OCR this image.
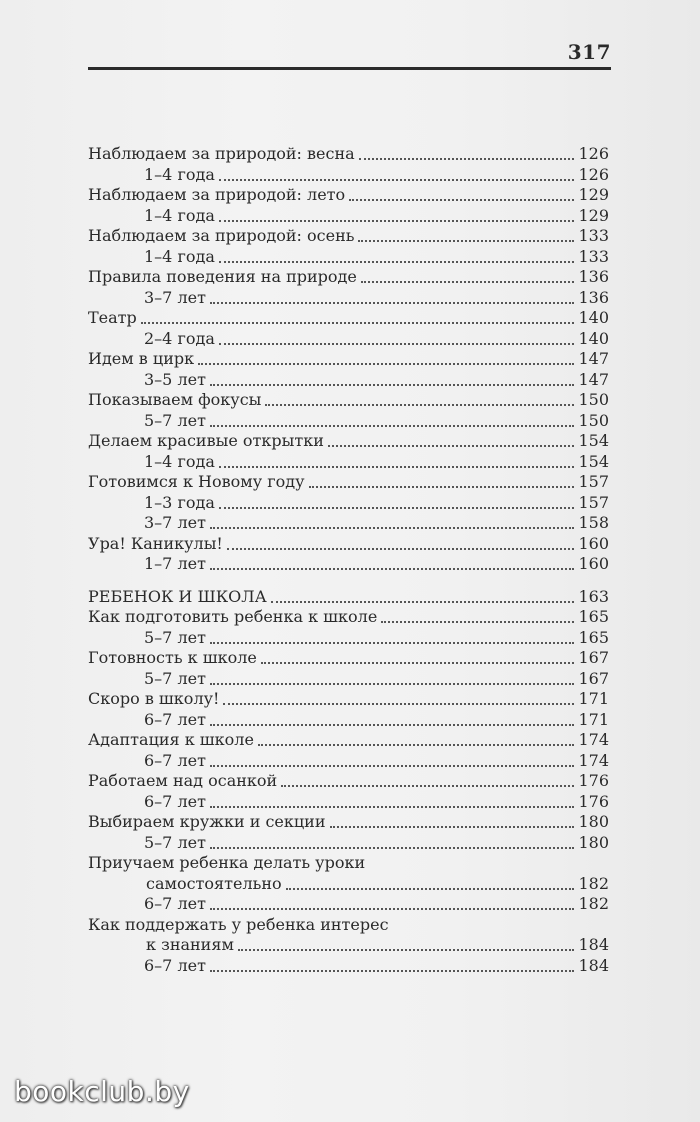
317
Наблюдаем за природой: весна	126
1–4 года	126
Наблюдаем за природой: лето	129
1–4 года	129
Наблюдаем за природой: осень	133
1–4 года	133
Правила поведения на природе	136
3–7 лет	136
Театр	140
2–4 года	140
Идем в цирк	147
3–5 лет	147
Показываем фокусы	150
5–7 лет	150
Делаем красивые открытки	154
1–4 года	154
Готовимся к Новому году	157
1–3 года	157
3–7 лет	158
Ура! Каникулы!	160
1–7 лет	160
РЕБЕНОК И ШКОЛА	163
Как подготовить ребенка к школе	165
5–7 лет	165
Готовность к школе	167
5–7 лет	167
Скоро в школу!	171
6–7 лет	171
Адаптация к школе	174
6–7 лет	174
Работаем над осанкой	176
6–7 лет	176
Выбираем кружки и секции	180
5–7 лет	180
Приучаем ребенка делать уроки
самостоятельно	182
6–7 лет	182
Как поддержать у ребенка интерес
к знаниям	184
6–7 лет	184
bookclub.by
